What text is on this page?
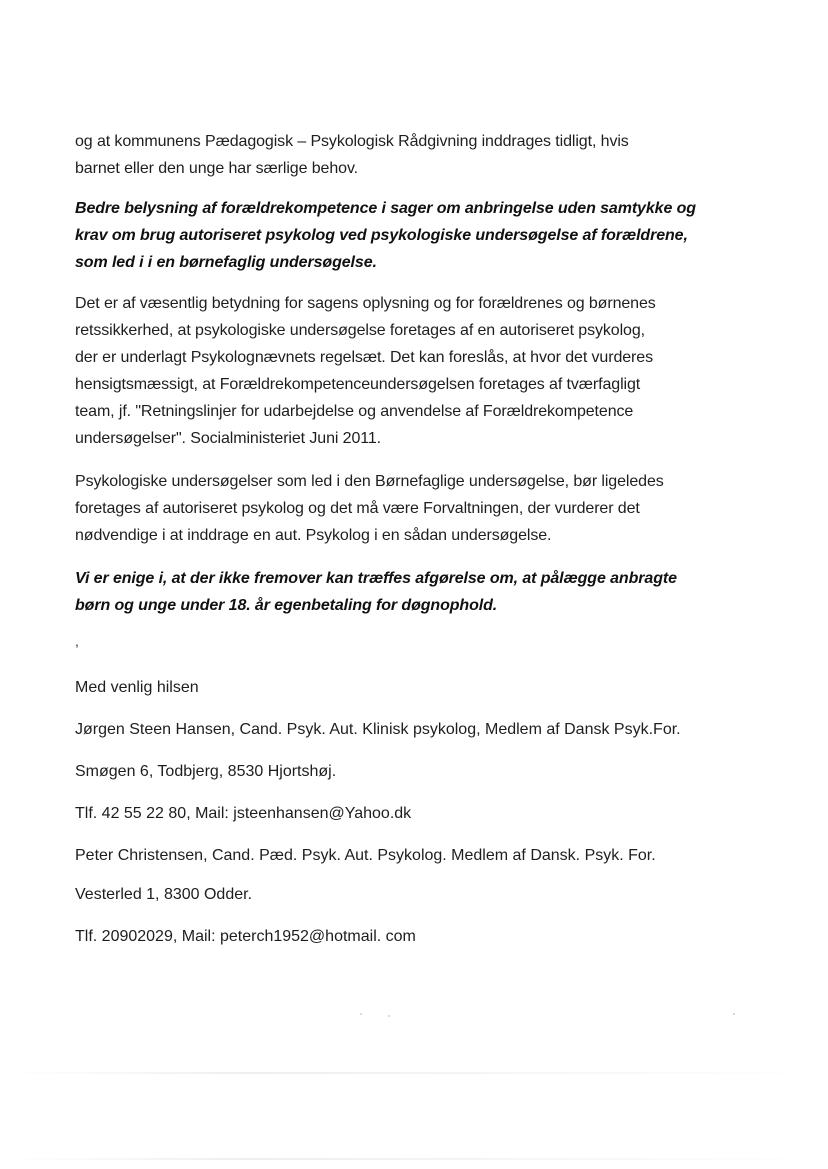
og at kommunens Pædagogisk – Psykologisk Rådgivning inddrages tidligt, hvis
barnet eller den unge har særlige behov.
Bedre belysning af forældrekompetence i sager om anbringelse uden samtykke og
krav om brug autoriseret psykolog ved psykologiske undersøgelse af forældrene,
som led i i en børnefaglig undersøgelse.
Det er af væsentlig betydning for sagens oplysning og for forældrenes og børnenes
retssikkerhed, at psykologiske undersøgelse foretages af en autoriseret psykolog,
der er underlagt Psykolognævnets regelsæt. Det kan foreslås, at hvor det vurderes
hensigtsmæssigt, at Forældrekompetenceundersøgelsen foretages af tværfagligt
team, jf. "Retningslinjer for udarbejdelse og anvendelse af Forældrekompetence
undersøgelser". Socialministeriet Juni 2011.
Psykologiske undersøgelser som led i den Børnefaglige undersøgelse, bør ligeledes
foretages af autoriseret psykolog og det må være Forvaltningen, der vurderer det
nødvendige i at inddrage en aut. Psykolog i en sådan undersøgelse.
Vi er enige i, at der ikke fremover kan træffes afgørelse om, at pålægge anbragte
børn og unge under 18. år egenbetaling for døgnophold.
,
Med venlig hilsen
Jørgen Steen Hansen, Cand. Psyk. Aut. Klinisk psykolog, Medlem af Dansk Psyk.For.
Smøgen 6, Todbjerg, 8530 Hjortshøj.
Tlf. 42 55 22 80, Mail: jsteenhansen@Yahoo.dk
Peter Christensen, Cand. Pæd. Psyk. Aut. Psykolog. Medlem af Dansk. Psyk. For.
Vesterled 1, 8300 Odder.
Tlf. 20902029, Mail: peterch1952@hotmail. com
